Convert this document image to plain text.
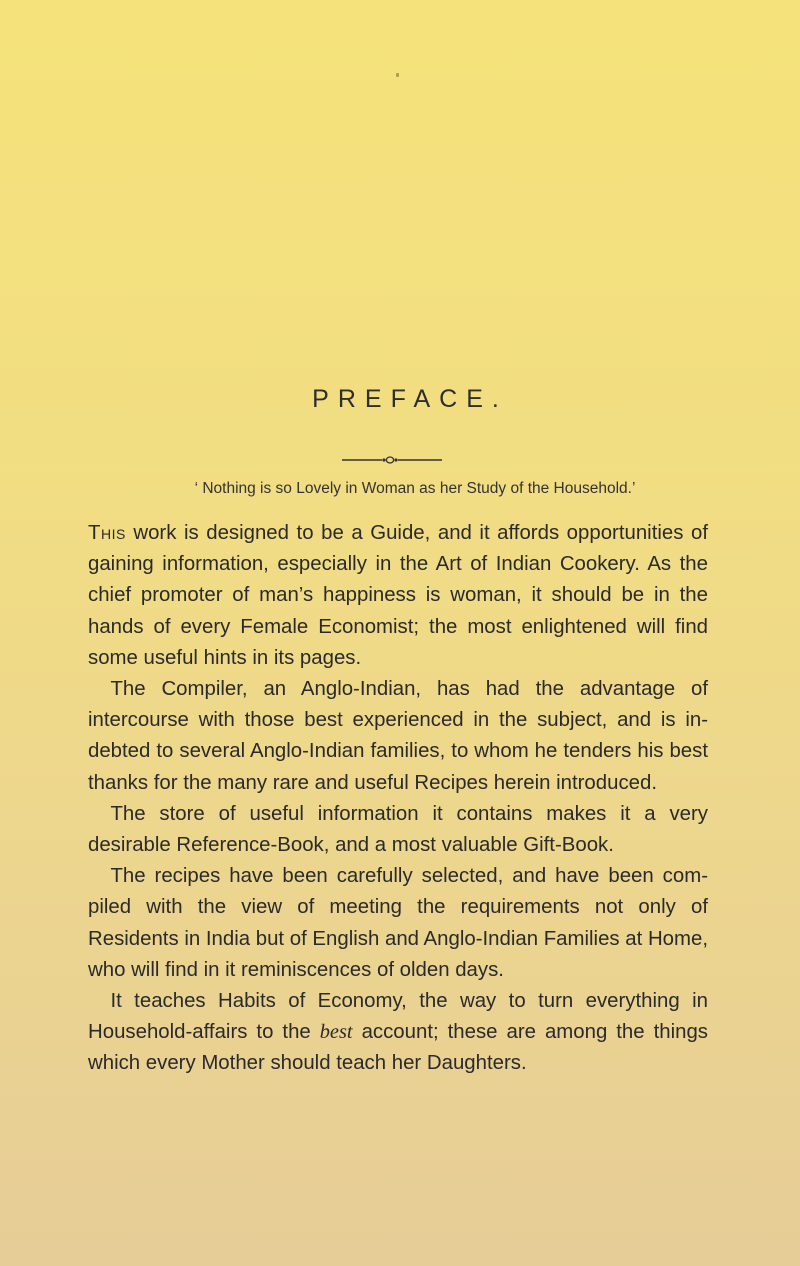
PREFACE.
‘ Nothing is so Lovely in Woman as her Study of the Household.’

This work is designed to be a Guide, and it affords opportunities of gaining information, especially in the Art of Indian Cookery. As the chief promoter of man’s happiness is woman, it should be in the hands of every Female Economist; the most enlightened will find some useful hints in its pages.

The Compiler, an Anglo-Indian, has had the advantage of intercourse with those best experienced in the subject, and is indebted to several Anglo-Indian families, to whom he tenders his best thanks for the many rare and useful Recipes herein introduced.

The store of useful information it contains makes it a very desirable Reference-Book, and a most valuable Gift-Book.

The recipes have been carefully selected, and have been compiled with the view of meeting the requirements not only of Residents in India but of English and Anglo-Indian Families at Home, who will find in it reminiscences of olden days.

It teaches Habits of Economy, the way to turn everything in Household-affairs to the best account; these are among the things which every Mother should teach her Daughters.
